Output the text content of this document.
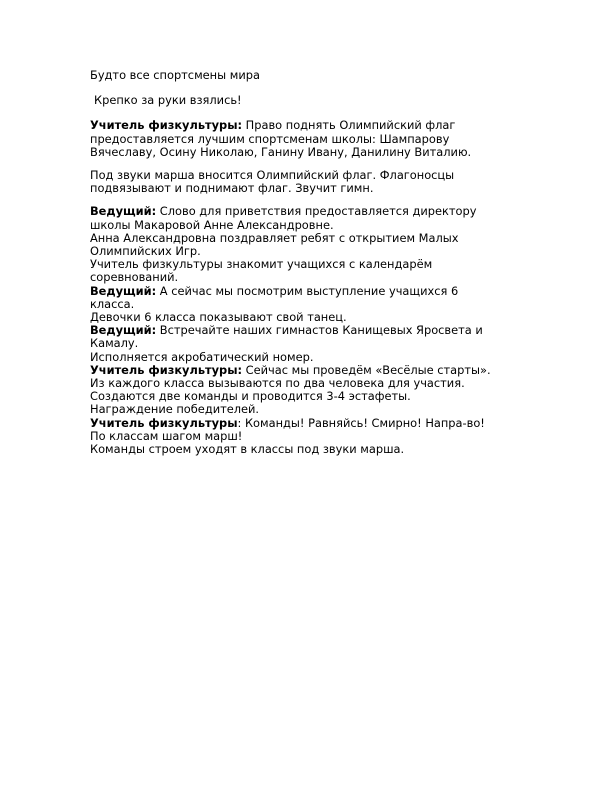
Будто все спортсмены мира
Крепко за руки взялись!
Учитель физкультуры: Право поднять Олимпийский флаг
предоставляется лучшим спортсменам школы: Шампарову
Вячеславу, Осину Николаю, Ганину Ивану, Данилину Виталию.
Под звуки марша вносится Олимпийский флаг. Флагоносцы
подвязывают и поднимают флаг. Звучит гимн.
Ведущий: Слово для приветствия предоставляется директору
школы Макаровой Анне Александровне.
Анна Александровна поздравляет ребят с открытием Малых
Олимпийских Игр.
Учитель физкультуры знакомит учащихся с календарём
соревнований.
Ведущий: А сейчас мы посмотрим выступление учащихся 6
класса.
Девочки 6 класса показывают свой танец.
Ведущий: Встречайте наших гимнастов Канищевых Яросвета и
Камалу.
Исполняется акробатический номер.
Учитель физкультуры: Сейчас мы проведём «Весёлые старты».
Из каждого класса вызываются по два человека для участия.
Создаются две команды и проводится 3-4 эстафеты.
Награждение победителей.
Учитель физкультуры: Команды! Равняйсь! Смирно! Напра-во!
По классам шагом марш!
Команды строем уходят в классы под звуки марша.
